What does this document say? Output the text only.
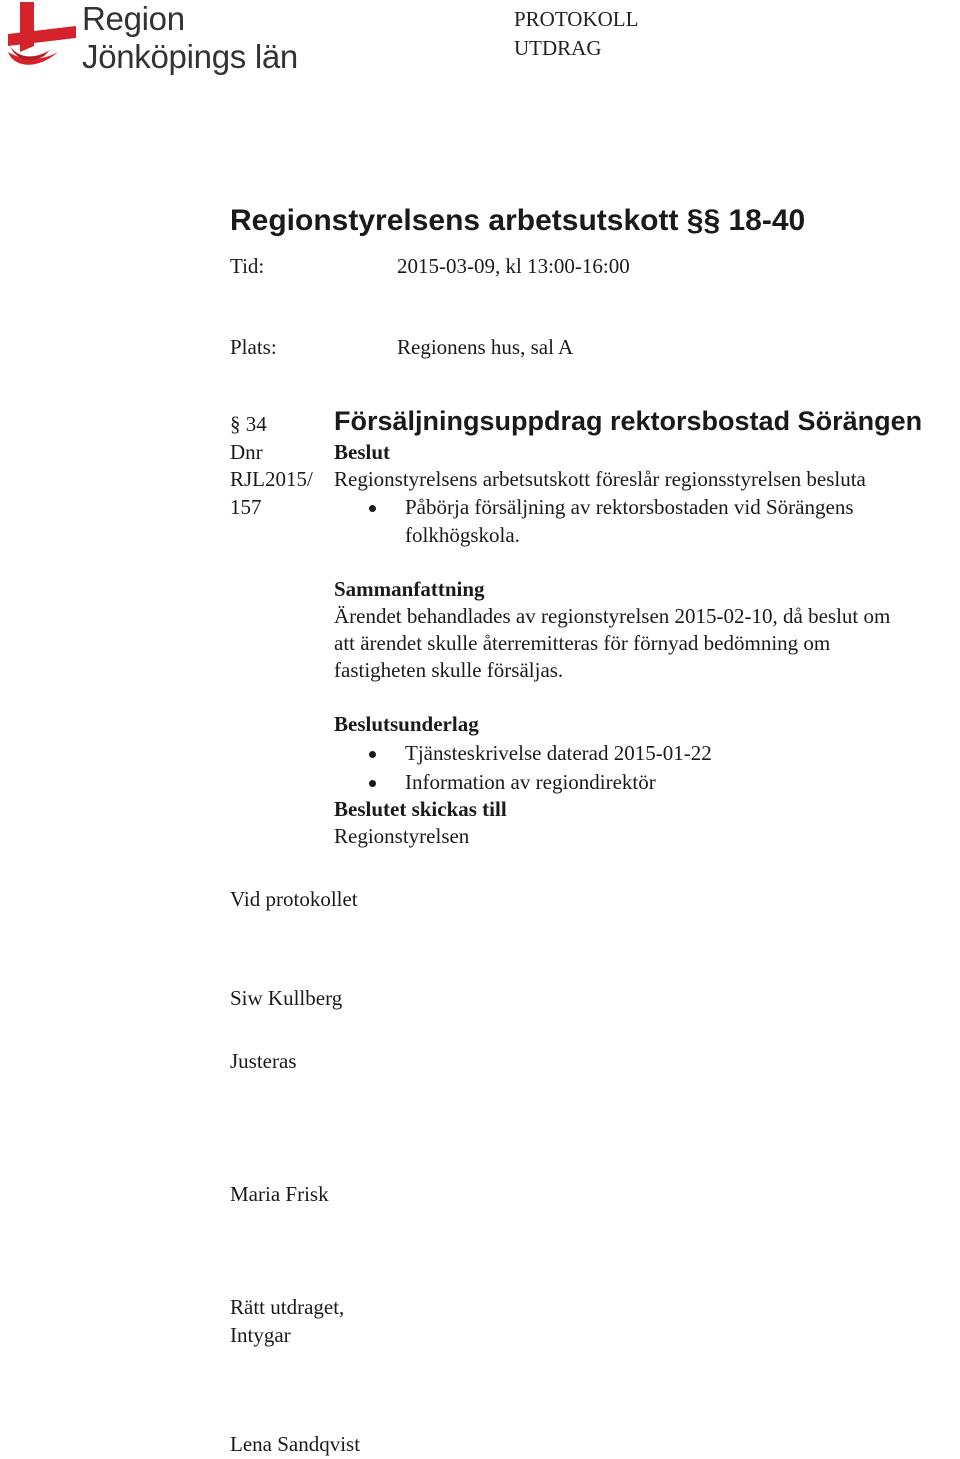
Region
Jönköpings län
PROTOKOLL
UTDRAG
Regionstyrelsens arbetsutskott §§ 18-40
Tid:	2015-03-09, kl 13:00-16:00
Plats:	Regionens hus, sal A
§ 34
Dnr
RJL2015/
157
Försäljningsuppdrag rektorsbostad Sörängen
Beslut
Regionstyrelsens arbetsutskott föreslår regionsstyrelsen besluta
Påbörja försäljning av rektorsbostaden vid Sörängens
folkhögskola.
Sammanfattning
Ärendet behandlades av regionstyrelsen 2015-02-10, då beslut om
att ärendet skulle återremitteras för förnyad bedömning om
fastigheten skulle försäljas.
Beslutsunderlag
Tjänsteskrivelse daterad 2015-01-22
Information av regiondirektör
Beslutet skickas till
Regionstyrelsen
Vid protokollet
Siw Kullberg
Justeras
Maria Frisk
Rätt utdraget,
Intygar
Lena Sandqvist
